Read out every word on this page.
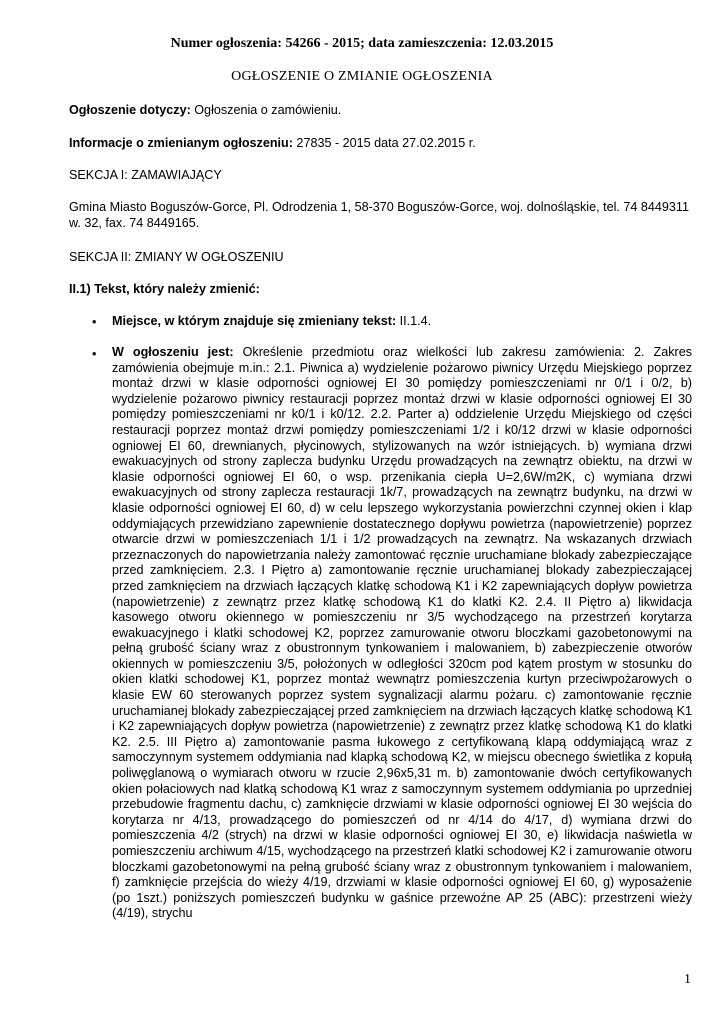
Numer ogłoszenia: 54266 - 2015; data zamieszczenia: 12.03.2015
OGŁOSZENIE O ZMIANIE OGŁOSZENIA
Ogłoszenie dotyczy: Ogłoszenia o zamówieniu.
Informacje o zmienianym ogłoszeniu: 27835 - 2015 data 27.02.2015 r.
SEKCJA I: ZAMAWIAJĄCY
Gmina Miasto Boguszów-Gorce, Pl. Odrodzenia 1, 58-370 Boguszów-Gorce, woj. dolnośląskie, tel. 74 8449311 w. 32, fax. 74 8449165.
SEKCJA II: ZMIANY W OGŁOSZENIU
II.1) Tekst, który należy zmienić:
• Miejsce, w którym znajduje się zmieniany tekst: II.1.4.
• W ogłoszeniu jest: Określenie przedmiotu oraz wielkości lub zakresu zamówienia: 2. Zakres zamówienia obejmuje m.in.: 2.1. Piwnica a) wydzielenie pożarowo piwnicy Urzędu Miejskiego poprzez montaż drzwi w klasie odporności ogniowej EI 30 pomiędzy pomieszczeniami nr 0/1 i 0/2, b) wydzielenie pożarowo piwnicy restauracji poprzez montaż drzwi w klasie odporności ogniowej EI 30 pomiędzy pomieszczeniami nr k0/1 i k0/12. 2.2. Parter a) oddzielenie Urzędu Miejskiego od części restauracji poprzez montaż drzwi pomiędzy pomieszczeniami 1/2 i k0/12 drzwi w klasie odporności ogniowej EI 60, drewnianych, płycinowych, stylizowanych na wzór istniejących. b) wymiana drzwi ewakuacyjnych od strony zaplecza budynku Urzędu prowadzących na zewnątrz obiektu, na drzwi w klasie odporności ogniowej EI 60, o wsp. przenikania ciepła U=2,6W/m2K, c) wymiana drzwi ewakuacyjnych od strony zaplecza restauracji 1k/7, prowadzących na zewnątrz budynku, na drzwi w klasie odporności ogniowej EI 60, d) w celu lepszego wykorzystania powierzchni czynnej okien i klap oddymiających przewidziano zapewnienie dostatecznego dopływu powietrza (napowietrzenie) poprzez otwarcie drzwi w pomieszczeniach 1/1 i 1/2 prowadzących na zewnątrz. Na wskazanych drzwiach przeznaczonych do napowietrzania należy zamontować ręcznie uruchamiane blokady zabezpieczające przed zamknięciem. 2.3. I Piętro a) zamontowanie ręcznie uruchamianej blokady zabezpieczającej przed zamknięciem na drzwiach łączących klatkę schodową K1 i K2 zapewniających dopływ powietrza (napowietrzenie) z zewnątrz przez klatkę schodową K1 do klatki K2. 2.4. II Piętro a) likwidacja kasowego otworu okiennego w pomieszczeniu nr 3/5 wychodzącego na przestrzeń korytarza ewakuacyjnego i klatki schodowej K2, poprzez zamurowanie otworu bloczkami gazobetonowymi na pełną grubość ściany wraz z obustronnym tynkowaniem i malowaniem, b) zabezpieczenie otworów okiennych w pomieszczeniu 3/5, położonych w odległości 320cm pod kątem prostym w stosunku do okien klatki schodowej K1, poprzez montaż wewnątrz pomieszczenia kurtyn przeciwpożarowych o klasie EW 60 sterowanych poprzez system sygnalizacji alarmu pożaru. c) zamontowanie ręcznie uruchamianej blokady zabezpieczającej przed zamknięciem na drzwiach łączących klatkę schodową K1 i K2 zapewniających dopływ powietrza (napowietrzenie) z zewnątrz przez klatkę schodową K1 do klatki K2. 2.5. III Piętro a) zamontowanie pasma łukowego z certyfikowaną klapą oddymiającą wraz z samoczynnym systemem oddymiania nad klapką schodową K2, w miejscu obecnego świetlika z kopułą poliwęglanową o wymiarach otworu w rzucie 2,96x5,31 m. b) zamontowanie dwóch certyfikowanych okien połaciowych nad klatką schodową K1 wraz z samoczynnym systemem oddymiania po uprzedniej przebudowie fragmentu dachu, c) zamknięcie drzwiami w klasie odporności ogniowej EI 30 wejścia do korytarza nr 4/13, prowadzącego do pomieszczeń od nr 4/14 do 4/17, d) wymiana drzwi do pomieszczenia 4/2 (strych) na drzwi w klasie odporności ogniowej EI 30, e) likwidacja naświetla w pomieszczeniu archiwum 4/15, wychodzącego na przestrzeń klatki schodowej K2 i zamurowanie otworu bloczkami gazobetonowymi na pełną grubość ściany wraz z obustronnym tynkowaniem i malowaniem, f) zamknięcie przejścia do wieży 4/19, drzwiami w klasie odporności ogniowej EI 60, g) wyposażenie (po 1szt.) poniższych pomieszczeń budynku w gaśnice przewoźne AP 25 (ABC): przestrzeni wieży (4/19), strychu
1
